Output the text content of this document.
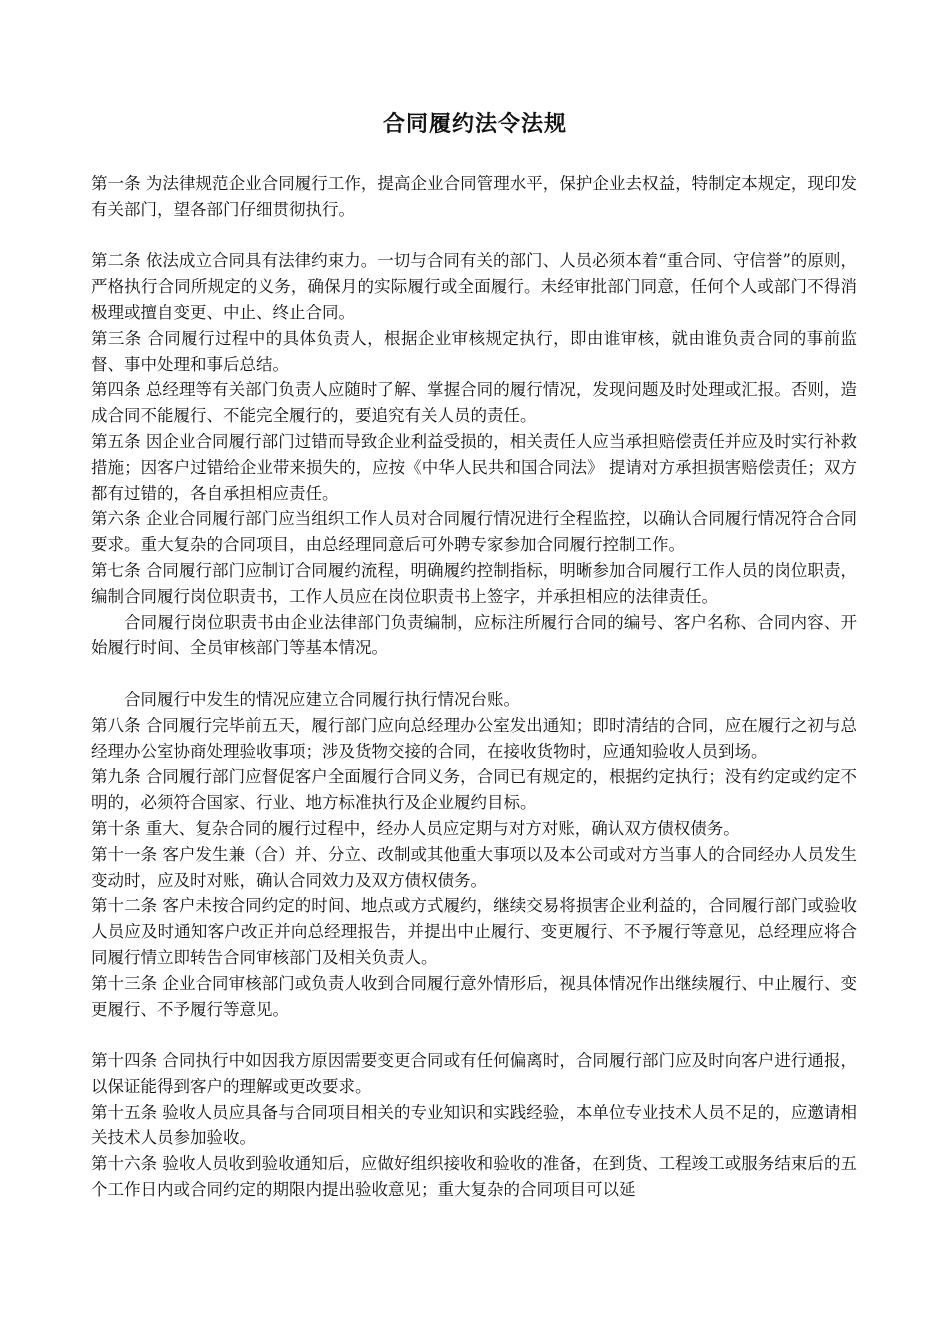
合同履约法令法规

第一条 为法律规范企业合同履行工作，提高企业合同管理水平，保护企业去权益，特制定本规定，现印发有关部门，望各部门仔细贯彻执行。

第二条 依法成立合同具有法律约束力。一切与合同有关的部门、人员必须本着“重合同、守信誉”的原则，严格执行合同所规定的义务，确保月的实际履行或全面履行。未经审批部门同意，任何个人或部门不得消极理或擅自变更、中止、终止合同。

第三条 合同履行过程中的具体负责人，根据企业审核规定执行，即由谁审核，就由谁负责合同的事前监督、事中处理和事后总结。

第四条 总经理等有关部门负责人应随时了解、掌握合同的履行情况，发现问题及时处理或汇报。否则，造成合同不能履行、不能完全履行的，要追究有关人员的责任。

第五条 因企业合同履行部门过错而导致企业利益受损的，相关责任人应当承担赔偿责任并应及时实行补救措施；因客户过错给企业带来损失的，应按《中华人民共和国合同法》 提请对方承担损害赔偿责任；双方都有过错的，各自承担相应责任。

第六条 企业合同履行部门应当组织工作人员对合同履行情况进行全程监控，以确认合同履行情况符合合同要求。重大复杂的合同项目，由总经理同意后可外聘专家参加合同履行控制工作。

第七条 合同履行部门应制订合同履约流程，明确履约控制指标，明晰参加合同履行工作人员的岗位职责，编制合同履行岗位职责书，工作人员应在岗位职责书上签字，并承担相应的法律责任。

合同履行岗位职责书由企业法律部门负责编制，应标注所履行合同的编号、客户名称、合同内容、开始履行时间、全员审核部门等基本情况。

合同履行中发生的情况应建立合同履行执行情况台账。

第八条 合同履行完毕前五天，履行部门应向总经理办公室发出通知；即时清结的合同，应在履行之初与总经理办公室协商处理验收事项；涉及货物交接的合同，在接收货物时，应通知验收人员到场。

第九条 合同履行部门应督促客户全面履行合同义务，合同已有规定的，根据约定执行；没有约定或约定不明的，必须符合国家、行业、地方标准执行及企业履约目标。

第十条 重大、复杂合同的履行过程中，经办人员应定期与对方对账，确认双方债权债务。

第十一条 客户发生兼（合）并、分立、改制或其他重大事项以及本公司或对方当事人的合同经办人员发生变动时，应及时对账，确认合同效力及双方债权债务。

第十二条 客户未按合同约定的时间、地点或方式履约，继续交易将损害企业利益的，合同履行部门或验收人员应及时通知客户改正并向总经理报告，并提出中止履行、变更履行、不予履行等意见，总经理应将合同履行情立即转告合同审核部门及相关负责人。

第十三条 企业合同审核部门或负责人收到合同履行意外情形后，视具体情况作出继续履行、中止履行、变更履行、不予履行等意见。

第十四条 合同执行中如因我方原因需要变更合同或有任何偏离时，合同履行部门应及时向客户进行通报，以保证能得到客户的理解或更改要求。

第十五条 验收人员应具备与合同项目相关的专业知识和实践经验，本单位专业技术人员不足的，应邀请相关技术人员参加验收。

第十六条 验收人员收到验收通知后，应做好组织接收和验收的准备，在到货、工程竣工或服务结束后的五个工作日内或合同约定的期限内提出验收意见；重大复杂的合同项目可以延
